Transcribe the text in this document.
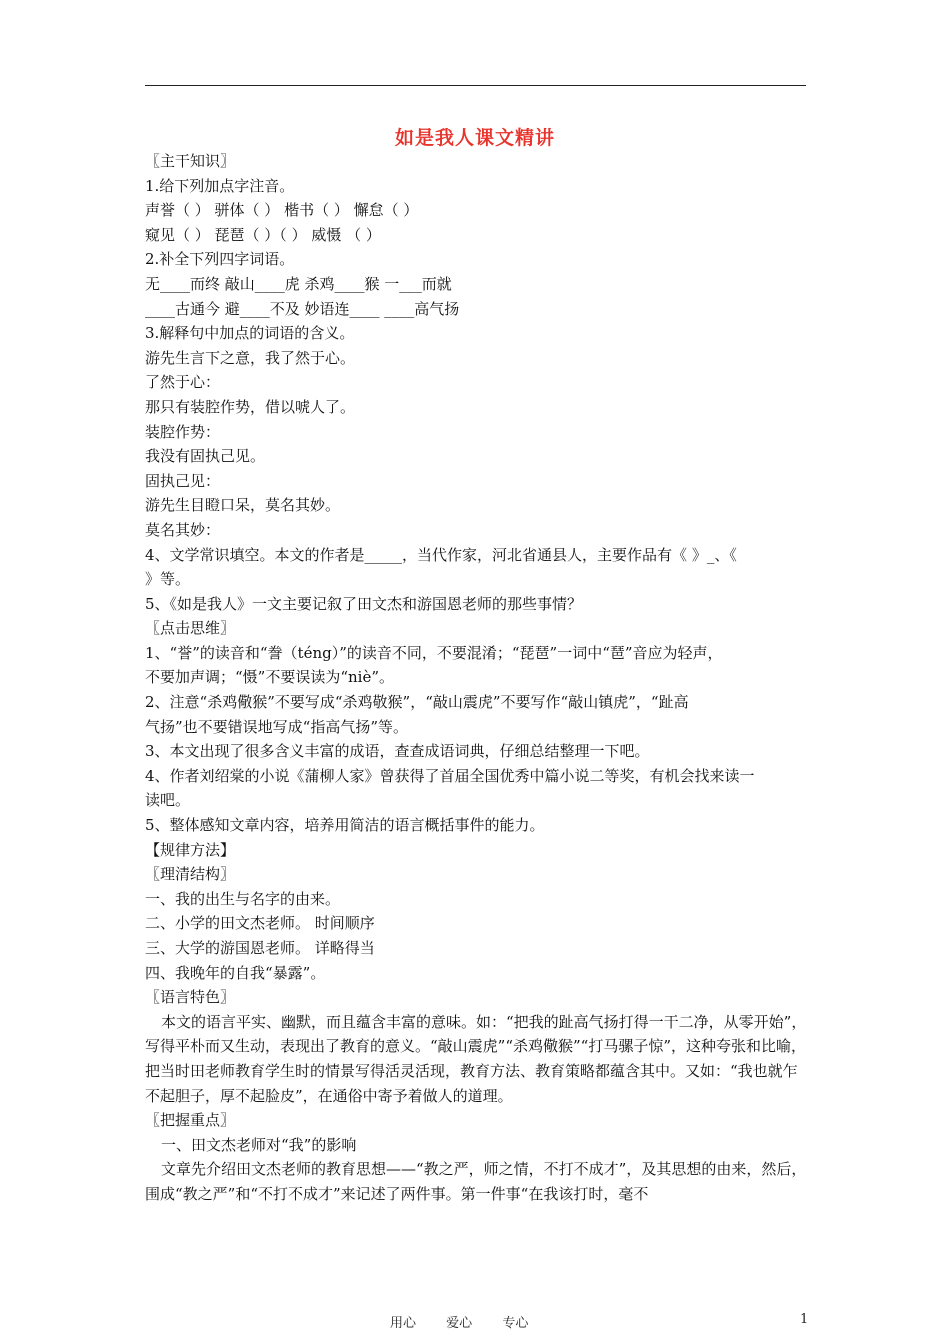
如是我人课文精讲
〖主干知识〗
1.给下列加点字注音。
声誉（ ） 骈体（ ） 楷书（ ） 懈怠（ ）
窥见（ ） 琵琶（ ）（ ） 威慑 （ ）
2.补全下列四字词语。
无____而终 敲山____虎 杀鸡____猴 一___而就
____古通今 避____不及 妙语连____ ____高气扬
3.解释句中加点的词语的含义。
游先生言下之意，我了然于心。
了然于心：
那只有装腔作势，借以唬人了。
装腔作势：
我没有固执己见。
固执己见：
游先生目瞪口呆，莫名其妙。
莫名其妙：
4、文学常识填空。本文的作者是_____，当代作家，河北省通县人，主要作品有《 》_、《
》等。
5、《如是我人》一文主要记叙了田文杰和游国恩老师的那些事情？
〖点击思维〗
1、“誉”的读音和“誊（téng）”的读音不同，不要混淆；“琵琶”一词中“琶”音应为轻声，
不要加声调；“慑”不要误读为“niè”。
2、注意“杀鸡儆猴”不要写成“杀鸡敬猴”，“敲山震虎”不要写作“敲山镇虎”，“趾高
气扬”也不要错误地写成“指高气扬”等。
3、本文出现了很多含义丰富的成语，查查成语词典，仔细总结整理一下吧。
4、作者刘绍棠的小说《蒲柳人家》曾获得了首届全国优秀中篇小说二等奖，有机会找来读一
读吧。
5、整体感知文章内容，培养用简洁的语言概括事件的能力。
【规律方法】
〖理清结构〗
一、我的出生与名字的由来。
二、小学的田文杰老师。 时间顺序
三、大学的游国恩老师。 详略得当
四、我晚年的自我“暴露”。
〖语言特色〗
本文的语言平实、幽默，而且蕴含丰富的意味。如：“把我的趾高气扬打得一干二净，从零开始”，写得平朴而又生动，表现出了教育的意义。“敲山震虎”“杀鸡儆猴”“打马骡子惊”，这种夸张和比喻，把当时田老师教育学生时的情景写得活灵活现，教育方法、教育策略都蕴含其中。又如：“我也就乍不起胆子，厚不起脸皮”，在通俗中寄予着做人的道理。
〖把握重点〗
一、田文杰老师对“我”的影响
文章先介绍田文杰老师的教育思想——“教之严，师之情，不打不成才”，及其思想的由来，然后，围成“教之严”和“不打不成才”来记述了两件事。第一件事“在我该打时，毫不
用心 爱心 专心	1
